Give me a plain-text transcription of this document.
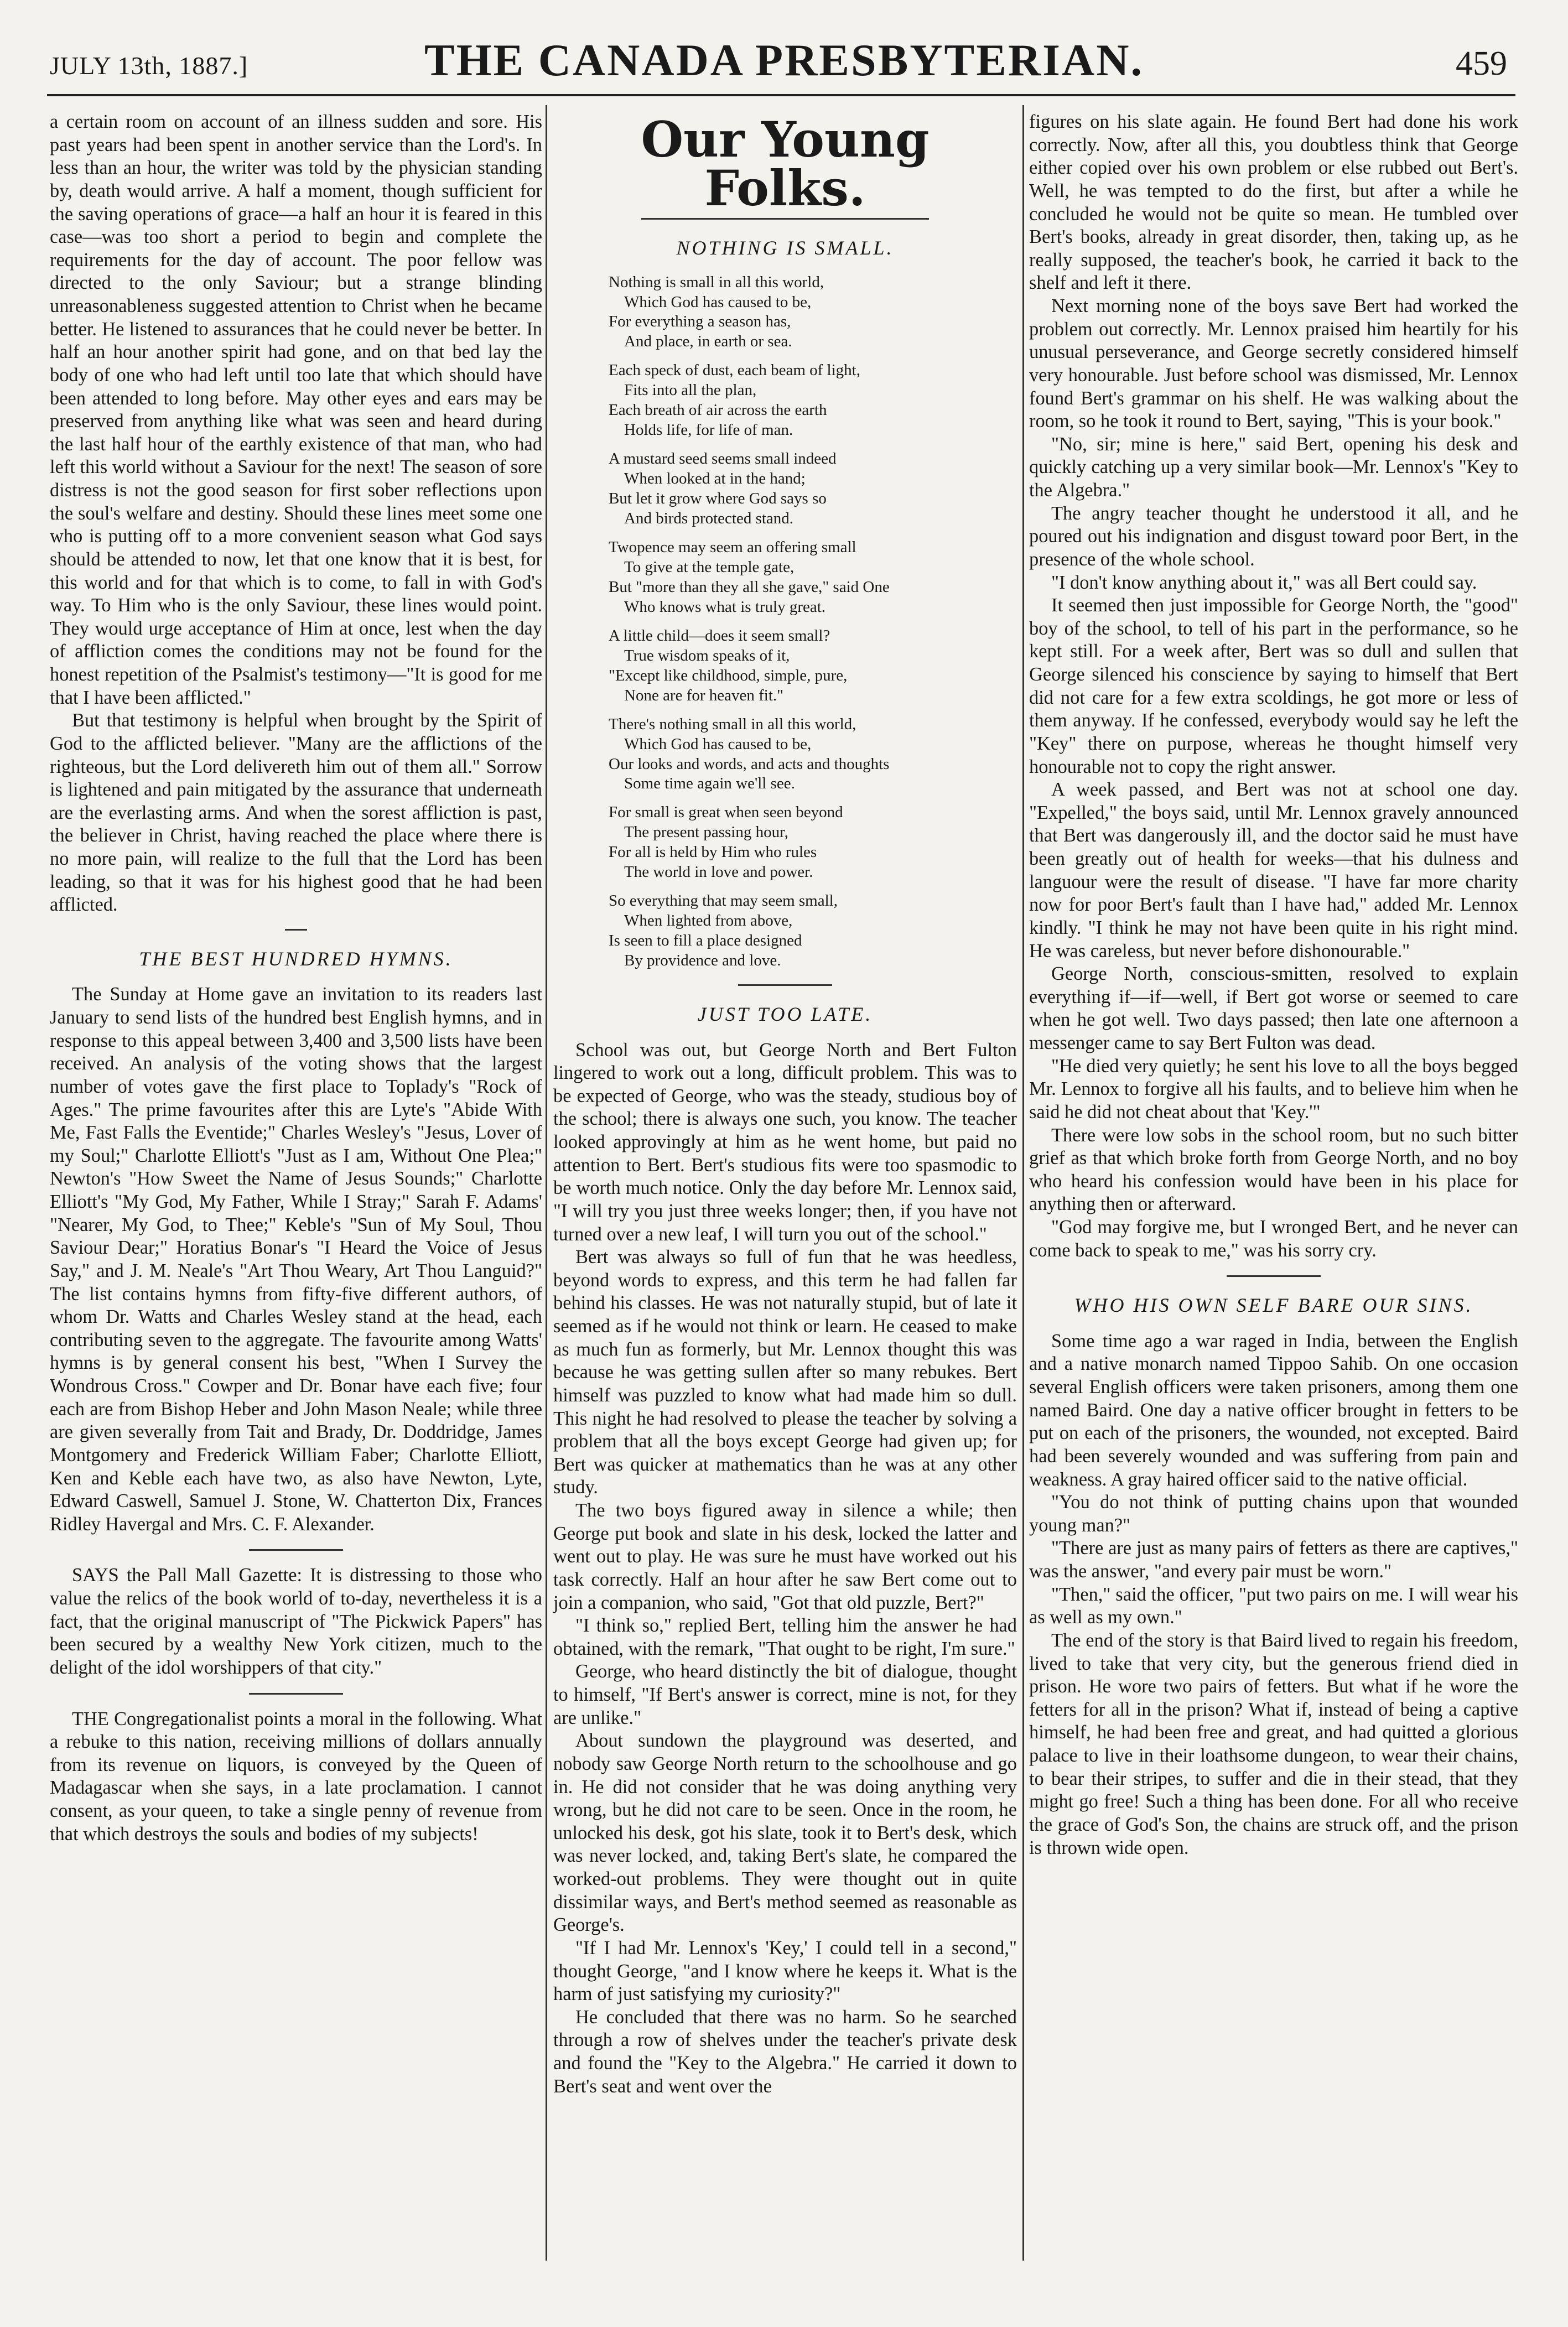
JULY 13th, 1887.]	THE CANADA PRESBYTERIAN.	459

a certain room on account of an illness sudden and sore. His past years had been spent in another service than the Lord's. In less than an hour, the writer was told by the physician standing by, death would arrive. A half a moment, though sufficient for the saving operations of grace—a half an hour it is feared in this case—was too short a period to begin and complete the requirements for the day of account. The poor fellow was directed to the only Saviour; but a strange blinding unreasonableness suggested attention to Christ when he became better. He listened to assurances that he could never be better. In half an hour another spirit had gone, and on that bed lay the body of one who had left until too late that which should have been attended to long before. May other eyes and ears may be preserved from anything like what was seen and heard during the last half hour of the earthly existence of that man, who had left this world without a Saviour for the next! The season of sore distress is not the good season for first sober reflections upon the soul's welfare and destiny. Should these lines meet some one who is putting off to a more convenient season what God says should be attended to now, let that one know that it is best, for this world and for that which is to come, to fall in with God's way. To Him who is the only Saviour, these lines would point. They would urge acceptance of Him at once, lest when the day of affliction comes the conditions may not be found for the honest repetition of the Psalmist's testimony—"It is good for me that I have been afflicted."

But that testimony is helpful when brought by the Spirit of God to the afflicted believer. "Many are the afflictions of the righteous, but the Lord delivereth him out of them all." Sorrow is lightened and pain mitigated by the assurance that underneath are the everlasting arms. And when the sorest affliction is past, the believer in Christ, having reached the place where there is no more pain, will realize to the full that the Lord has been leading, so that it was for his highest good that he had been afflicted.

THE BEST HUNDRED HYMNS.

The Sunday at Home gave an invitation to its readers last January to send lists of the hundred best English hymns, and in response to this appeal between 3,400 and 3,500 lists have been received. An analysis of the voting shows that the largest number of votes gave the first place to Toplady's "Rock of Ages." The prime favourites after this are Lyte's "Abide With Me, Fast Falls the Eventide;" Charles Wesley's "Jesus, Lover of my Soul;" Charlotte Elliott's "Just as I am, Without One Plea;" Newton's "How Sweet the Name of Jesus Sounds;" Charlotte Elliott's "My God, My Father, While I Stray;" Sarah F. Adams' "Nearer, My God, to Thee;" Keble's "Sun of My Soul, Thou Saviour Dear;" Horatius Bonar's "I Heard the Voice of Jesus Say," and J. M. Neale's "Art Thou Weary, Art Thou Languid?" The list contains hymns from fifty-five different authors, of whom Dr. Watts and Charles Wesley stand at the head, each contributing seven to the aggregate. The favourite among Watts' hymns is by general consent his best, "When I Survey the Wondrous Cross." Cowper and Dr. Bonar have each five; four each are from Bishop Heber and John Mason Neale; while three are given severally from Tait and Brady, Dr. Doddridge, James Montgomery and Frederick William Faber; Charlotte Elliott, Ken and Keble each have two, as also have Newton, Lyte, Edward Caswell, Samuel J. Stone, W. Chatterton Dix, Frances Ridley Havergal and Mrs. C. F. Alexander.

SAYS the Pall Mall Gazette: It is distressing to those who value the relics of the book world of to-day, nevertheless it is a fact, that the original manuscript of "The Pickwick Papers" has been secured by a wealthy New York citizen, much to the delight of the idol worshippers of that city."

THE Congregationalist points a moral in the following. What a rebuke to this nation, receiving millions of dollars annually from its revenue on liquors, is conveyed by the Queen of Madagascar when she says, in a late proclamation. I cannot consent, as your queen, to take a single penny of revenue from that which destroys the souls and bodies of my subjects!

Our Young Folks.
NOTHING IS SMALL.
Nothing is small in all this world,
Which God has caused to be,
For everything a season has,
And place, in earth or sea.
Each speck of dust, each beam of light,
Fits into all the plan,
Each breath of air across the earth
Holds life, for life of man.
A mustard seed seems small indeed
When looked at in the hand;
But let it grow where God says so
And birds protected stand.
Twopence may seem an offering small
To give at the temple gate,
But "more than they all she gave," said One
Who knows what is truly great.
A little child—does it seem small?
True wisdom speaks of it,
"Except like childhood, simple, pure,
None are for heaven fit."
There's nothing small in all this world,
Which God has caused to be,
Our looks and words, and acts and thoughts
Some time again we'll see.
For small is great when seen beyond
The present passing hour,
For all is held by Him who rules
The world in love and power.
So everything that may seem small,
When lighted from above,
Is seen to fill a place designed
By providence and love.
JUST TOO LATE.

School was out, but George North and Bert Fulton lingered to work out a long, difficult problem. This was to be expected of George, who was the steady, studious boy of the school; there is always one such, you know. The teacher looked approvingly at him as he went home, but paid no attention to Bert. Bert's studious fits were too spasmodic to be worth much notice. Only the day before Mr. Lennox said, "I will try you just three weeks longer; then, if you have not turned over a new leaf, I will turn you out of the school."

Bert was always so full of fun that he was heedless, beyond words to express, and this term he had fallen far behind his classes. He was not naturally stupid, but of late it seemed as if he would not think or learn. He ceased to make as much fun as formerly, but Mr. Lennox thought this was because he was getting sullen after so many rebukes. Bert himself was puzzled to know what had made him so dull. This night he had resolved to please the teacher by solving a problem that all the boys except George had given up; for Bert was quicker at mathematics than he was at any other study.

The two boys figured away in silence a while; then George put book and slate in his desk, locked the latter and went out to play. He was sure he must have worked out his task correctly. Half an hour after he saw Bert come out to join a companion, who said, "Got that old puzzle, Bert?"

"I think so," replied Bert, telling him the answer he had obtained, with the remark, "That ought to be right, I'm sure."

George, who heard distinctly the bit of dialogue, thought to himself, "If Bert's answer is correct, mine is not, for they are unlike."

About sundown the playground was deserted, and nobody saw George North return to the schoolhouse and go in. He did not consider that he was doing anything very wrong, but he did not care to be seen. Once in the room, he unlocked his desk, got his slate, took it to Bert's desk, which was never locked, and, taking Bert's slate, he compared the worked-out problems. They were thought out in quite dissimilar ways, and Bert's method seemed as reasonable as George's.

"If I had Mr. Lennox's 'Key,' I could tell in a second," thought George, "and I know where he keeps it. What is the harm of just satisfying my curiosity?"

He concluded that there was no harm. So he searched through a row of shelves under the teacher's private desk and found the "Key to the Algebra." He carried it down to Bert's seat and went over the

figures on his slate again. He found Bert had done his work correctly. Now, after all this, you doubtless think that George either copied over his own problem or else rubbed out Bert's. Well, he was tempted to do the first, but after a while he concluded he would not be quite so mean. He tumbled over Bert's books, already in great disorder, then, taking up, as he really supposed, the teacher's book, he carried it back to the shelf and left it there.

Next morning none of the boys save Bert had worked the problem out correctly. Mr. Lennox praised him heartily for his unusual perseverance, and George secretly considered himself very honourable. Just before school was dismissed, Mr. Lennox found Bert's grammar on his shelf. He was walking about the room, so he took it round to Bert, saying, "This is your book."

"No, sir; mine is here," said Bert, opening his desk and quickly catching up a very similar book—Mr. Lennox's "Key to the Algebra."

The angry teacher thought he understood it all, and he poured out his indignation and disgust toward poor Bert, in the presence of the whole school.

"I don't know anything about it," was all Bert could say.

It seemed then just impossible for George North, the "good" boy of the school, to tell of his part in the performance, so he kept still. For a week after, Bert was so dull and sullen that George silenced his conscience by saying to himself that Bert did not care for a few extra scoldings, he got more or less of them anyway. If he confessed, everybody would say he left the "Key" there on purpose, whereas he thought himself very honourable not to copy the right answer.

A week passed, and Bert was not at school one day. "Expelled," the boys said, until Mr. Lennox gravely announced that Bert was dangerously ill, and the doctor said he must have been greatly out of health for weeks—that his dulness and languour were the result of disease. "I have far more charity now for poor Bert's fault than I have had," added Mr. Lennox kindly. "I think he may not have been quite in his right mind. He was careless, but never before dishonourable."

George North, conscious-smitten, resolved to explain everything if—if—well, if Bert got worse or seemed to care when he got well. Two days passed; then late one afternoon a messenger came to say Bert Fulton was dead.

"He died very quietly; he sent his love to all the boys begged Mr. Lennox to forgive all his faults, and to believe him when he said he did not cheat about that 'Key.'"

There were low sobs in the school room, but no such bitter grief as that which broke forth from George North, and no boy who heard his confession would have been in his place for anything then or afterward.

"God may forgive me, but I wronged Bert, and he never can come back to speak to me," was his sorry cry.

WHO HIS OWN SELF BARE OUR SINS.

Some time ago a war raged in India, between the English and a native monarch named Tippoo Sahib. On one occasion several English officers were taken prisoners, among them one named Baird. One day a native officer brought in fetters to be put on each of the prisoners, the wounded, not excepted. Baird had been severely wounded and was suffering from pain and weakness. A gray haired officer said to the native official.

"You do not think of putting chains upon that wounded young man?"

"There are just as many pairs of fetters as there are captives," was the answer, "and every pair must be worn."

"Then," said the officer, "put two pairs on me. I will wear his as well as my own."

The end of the story is that Baird lived to regain his freedom, lived to take that very city, but the generous friend died in prison. He wore two pairs of fetters. But what if he wore the fetters for all in the prison? What if, instead of being a captive himself, he had been free and great, and had quitted a glorious palace to live in their loathsome dungeon, to wear their chains, to bear their stripes, to suffer and die in their stead, that they might go free! Such a thing has been done. For all who receive the grace of God's Son, the chains are struck off, and the prison is thrown wide open.
